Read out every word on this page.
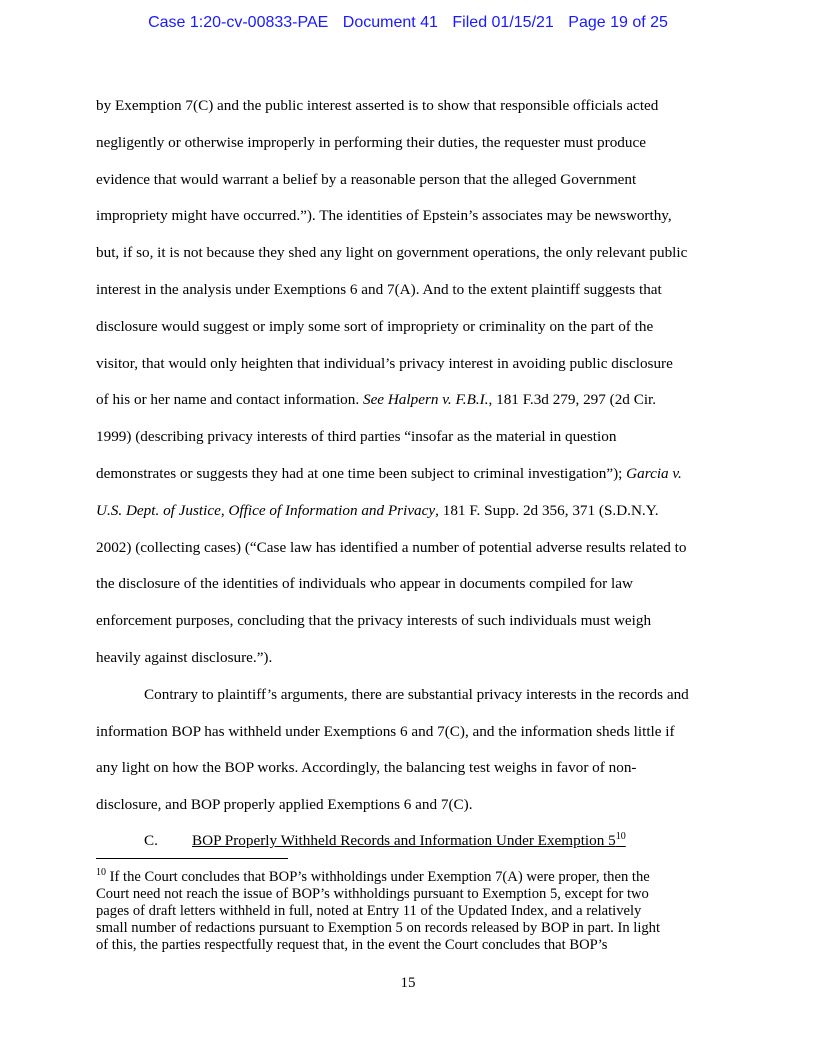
Case 1:20-cv-00833-PAE Document 41 Filed 01/15/21 Page 19 of 25
by Exemption 7(C) and the public interest asserted is to show that responsible officials acted
negligently or otherwise improperly in performing their duties, the requester must produce
evidence that would warrant a belief by a reasonable person that the alleged Government
impropriety might have occurred.”). The identities of Epstein’s associates may be newsworthy,
but, if so, it is not because they shed any light on government operations, the only relevant public
interest in the analysis under Exemptions 6 and 7(A). And to the extent plaintiff suggests that
disclosure would suggest or imply some sort of impropriety or criminality on the part of the
visitor, that would only heighten that individual’s privacy interest in avoiding public disclosure
of his or her name and contact information. See Halpern v. F.B.I., 181 F.3d 279, 297 (2d Cir.
1999) (describing privacy interests of third parties “insofar as the material in question
demonstrates or suggests they had at one time been subject to criminal investigation”); Garcia v.
U.S. Dept. of Justice, Office of Information and Privacy, 181 F. Supp. 2d 356, 371 (S.D.N.Y.
2002) (collecting cases) (“Case law has identified a number of potential adverse results related to
the disclosure of the identities of individuals who appear in documents compiled for law
enforcement purposes, concluding that the privacy interests of such individuals must weigh
heavily against disclosure.”).
Contrary to plaintiff’s arguments, there are substantial privacy interests in the records and
information BOP has withheld under Exemptions 6 and 7(C), and the information sheds little if
any light on how the BOP works. Accordingly, the balancing test weighs in favor of non-
disclosure, and BOP properly applied Exemptions 6 and 7(C).
C. BOP Properly Withheld Records and Information Under Exemption $5^{10}$
$^{10}$ If the Court concludes that BOP’s withholdings under Exemption 7(A) were proper, then the
Court need not reach the issue of BOP’s withholdings pursuant to Exemption 5, except for two
pages of draft letters withheld in full, noted at Entry 11 of the Updated Index, and a relatively
small number of redactions pursuant to Exemption 5 on records released by BOP in part. In light
of this, the parties respectfully request that, in the event the Court concludes that BOP’s
15
